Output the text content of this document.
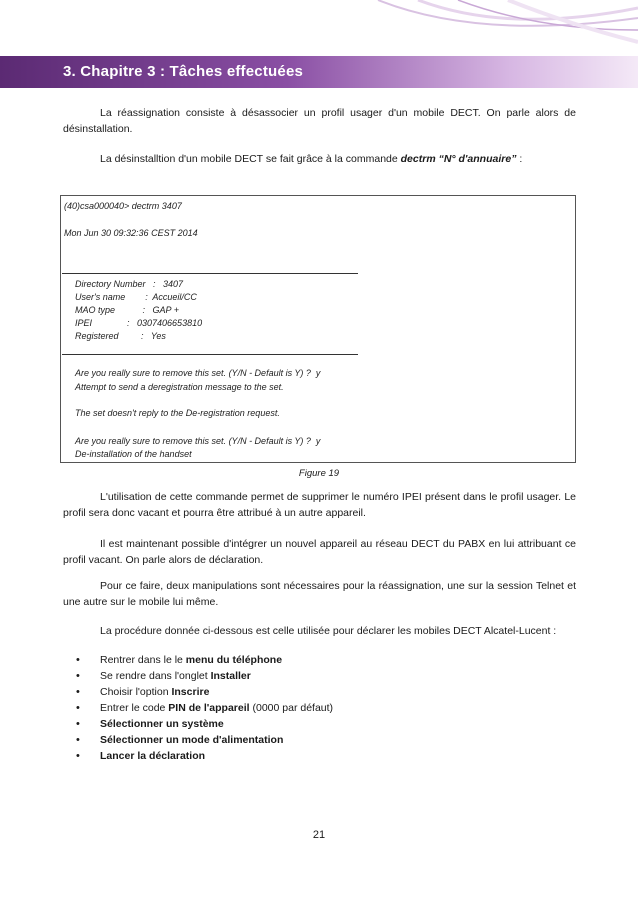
3. Chapitre 3 : Tâches effectuées

La réassignation consiste à désassocier un profil usager d'un mobile DECT. On parle alors de désinstallation.

La désinstalltion d'un mobile DECT se fait grâce à la commande dectrm “N° d'annuaire” :

(40)csa000040> dectrm 3407
Mon Jun 30 09:32:36 CEST 2014
Directory Number   :   3407
User's name        :  Accueil/CC
MAO type           :   GAP +
IPEI              :   0307406653810
Registered         :   Yes
Are you really sure to remove this set. (Y/N - Default is Y) ?  y
Attempt to send a deregistration message to the set.
The set doesn't reply to the De-registration request.
Are you really sure to remove this set. (Y/N - Default is Y) ?  y
De-installation of the handset
Figure 19

L'utilisation de cette commande permet de supprimer le numéro IPEI présent dans le profil usager. Le profil sera donc vacant et pourra être attribué à un autre appareil.

Il est maintenant possible d'intégrer un nouvel appareil au réseau DECT du PABX en lui attribuant ce profil vacant. On parle alors de déclaration.

Pour ce faire, deux manipulations sont nécessaires pour la réassignation, une sur la session Telnet et une autre sur le mobile lui même.

La procédure donnée ci-dessous est celle utilisée pour déclarer les mobiles DECT Alcatel-Lucent :

• Rentrer dans le le menu du téléphone
• Se rendre dans l'onglet Installer
• Choisir l'option Inscrire
• Entrer le code PIN de l'appareil (0000 par défaut)
• Sélectionner un système
• Sélectionner un mode d'alimentation
• Lancer la déclaration
21
